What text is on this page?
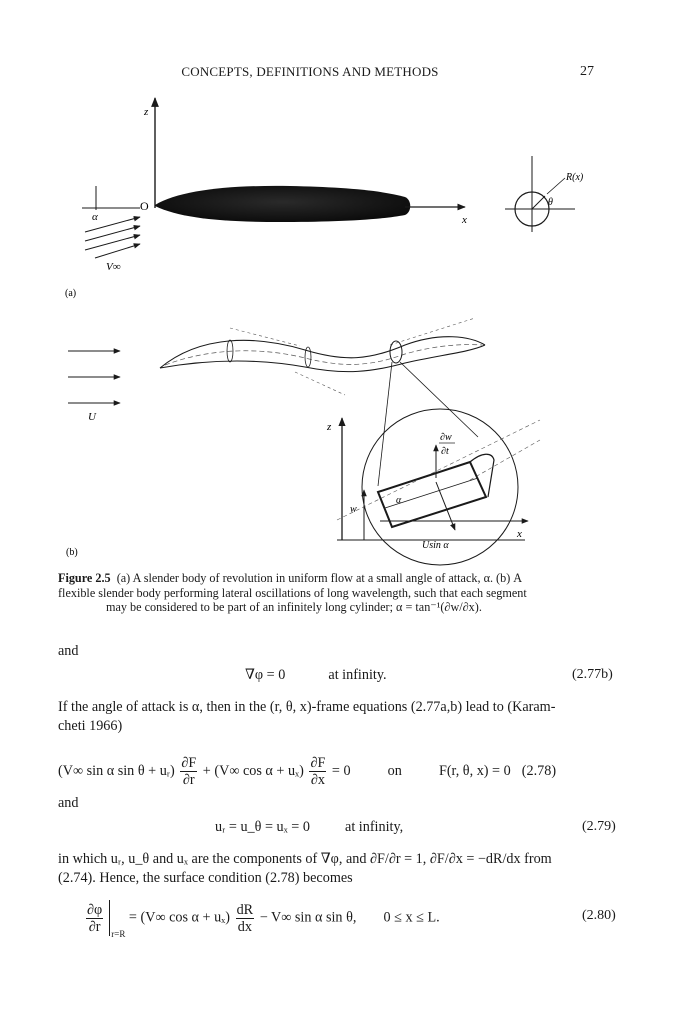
CONCEPTS, DEFINITIONS AND METHODS	27
z
O
x
α
V∞
(a)
R(x)
θ
U
z
x
w
α
∂w
∂t
Usin α
(b)
Figure 2.5 (a) A slender body of revolution in uniform flow at a small angle of attack, α. (b) A
flexible slender body performing lateral oscillations of long wavelength, such that each segment
may be considered to be part of an infinitely long cylinder; α = tan⁻¹(∂w/∂x).
and
∇φ = 0	at infinity.	(2.77b)
If the angle of attack is α, then in the (r, θ, x)-frame equations (2.77a,b) lead to (Karam-
cheti 1966)
(V∞ sin α sin θ + uᵣ) $\frac{\partial F}{\partial r} + (V\infty$ $\cos \alpha + u_x) \frac{\partial F}{\partial x} = 0$	on	F(r, θ, x) = 0 (2.78)
and
uᵣ = u_θ = uₓ = 0 at infinity,	(2.79)
in which uᵣ, u_θ and uₓ are the components of ∇φ, and ∂F/∂r = 1, ∂F/∂x = −dR/dx from
(2.74). Hence, the surface condition (2.78) becomes
$\frac{\partial\varphi}{\partial r} _{r=R} = (V\infty$ $\cos \alpha + u_x) \frac{dR}{dx} - V\infty$ sin α sin θ, 0 ≤ x ≤ L.	(2.80)
